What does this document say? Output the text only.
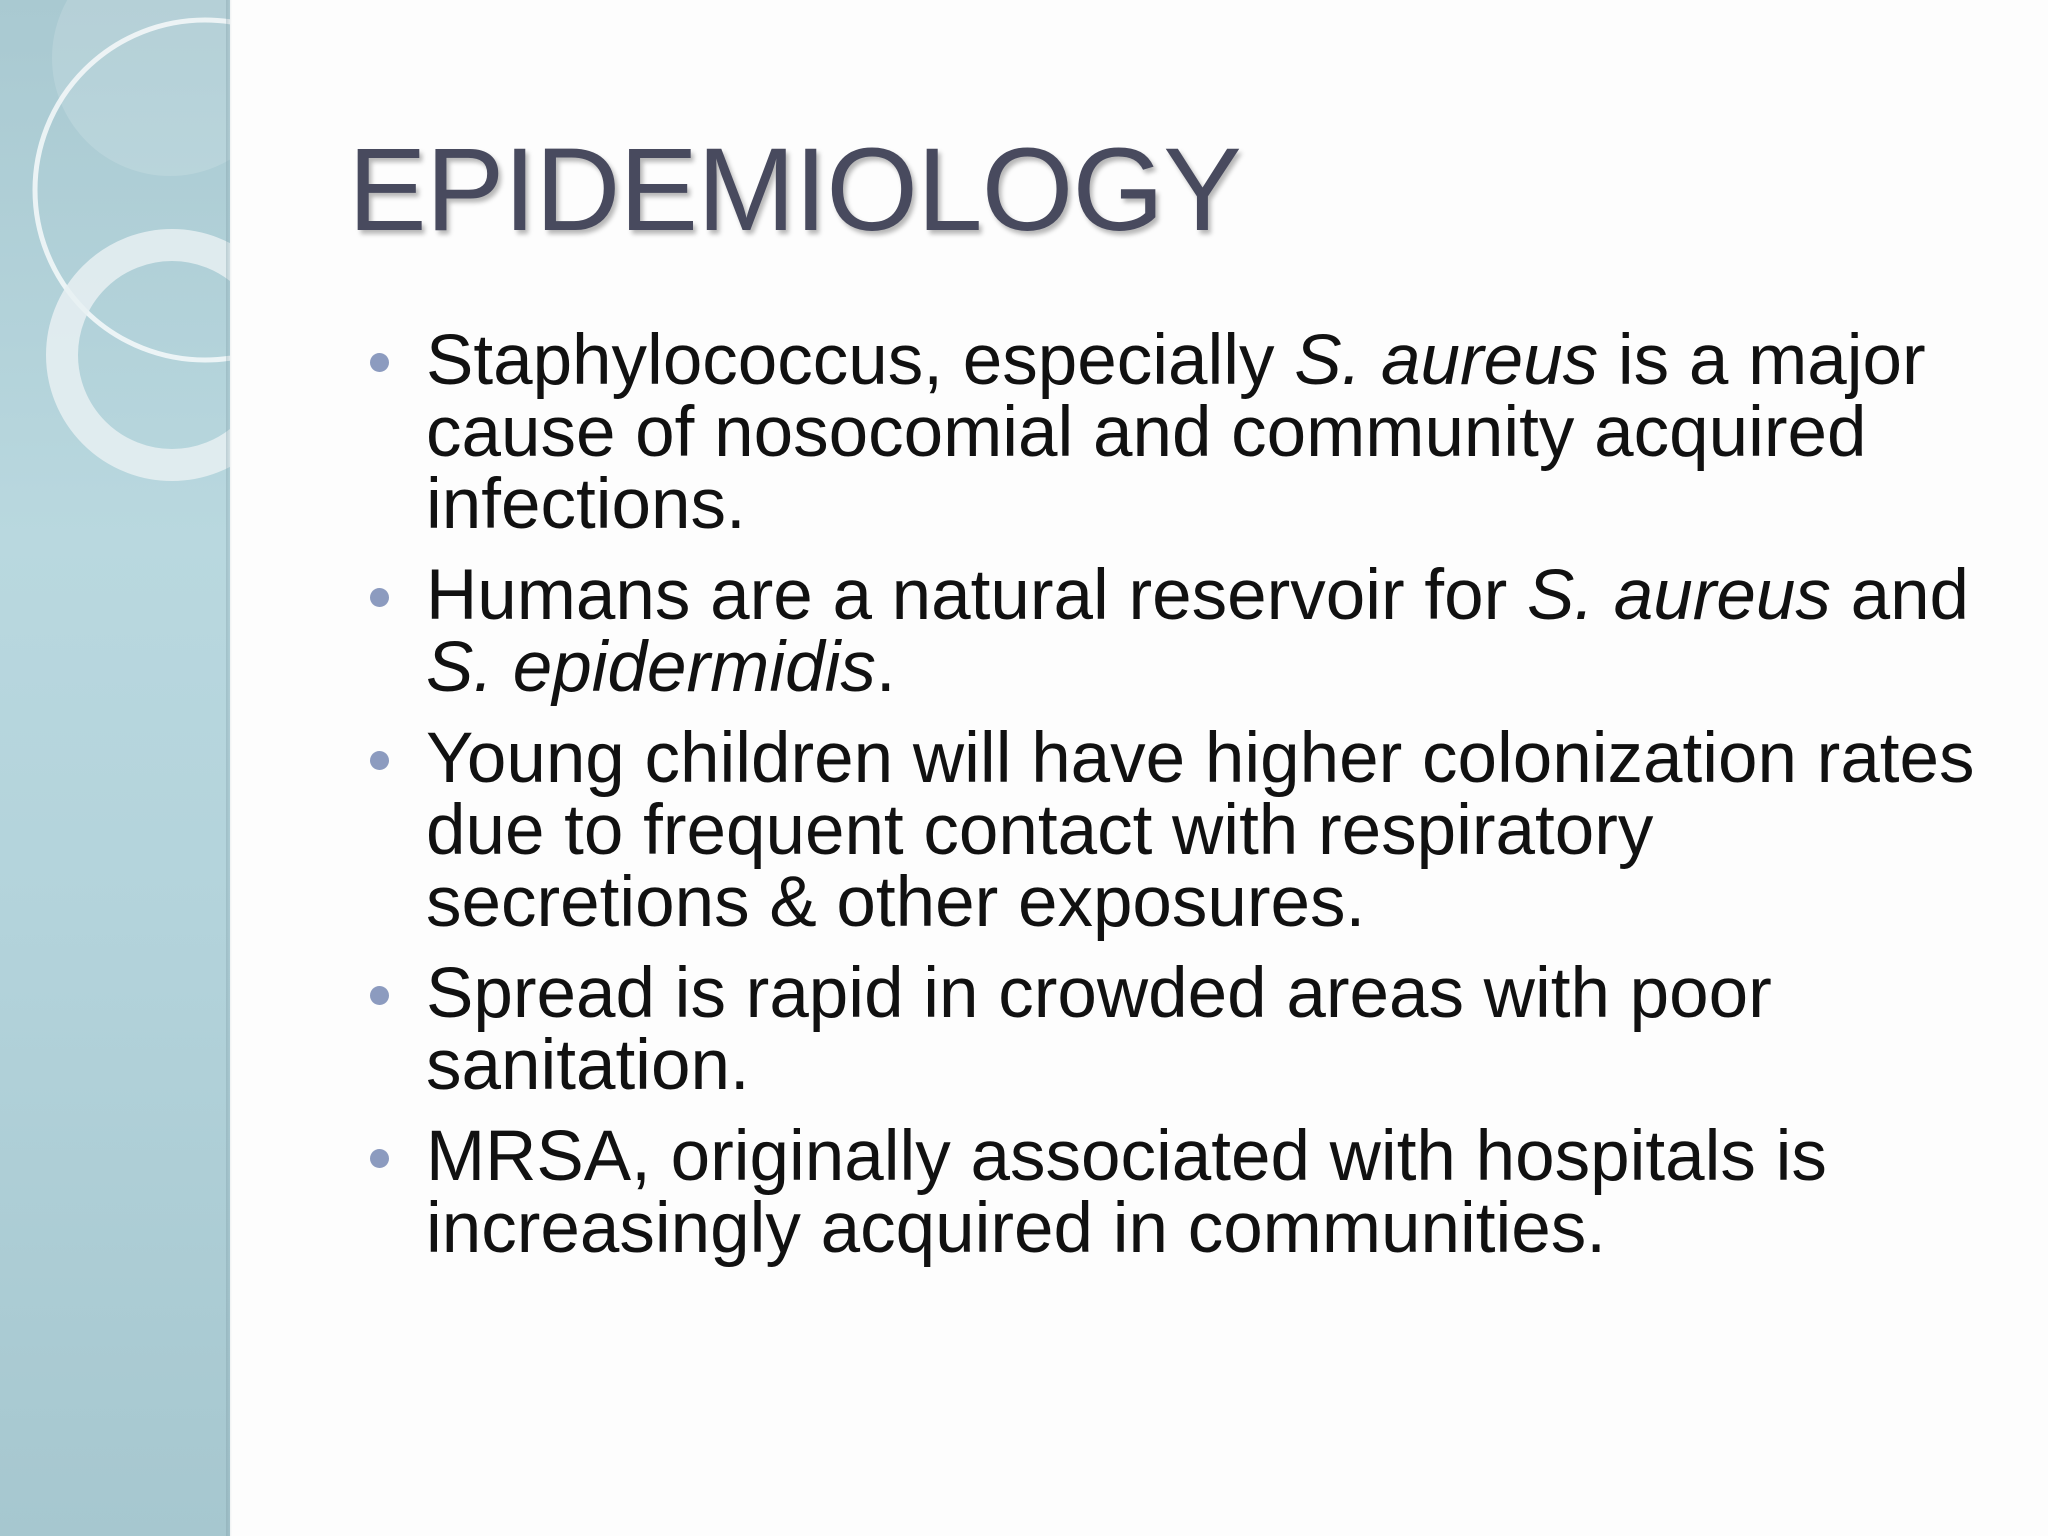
EPIDEMIOLOGY
Staphylococcus, especially S. aureus is a major cause of nosocomial and community acquired infections.
Humans are a natural reservoir for S. aureus and S. epidermidis.
Young children will have higher colonization rates due to frequent contact with respiratory secretions & other exposures.
Spread is rapid in crowded areas with poor sanitation.
MRSA, originally associated with hospitals is increasingly acquired in communities.
